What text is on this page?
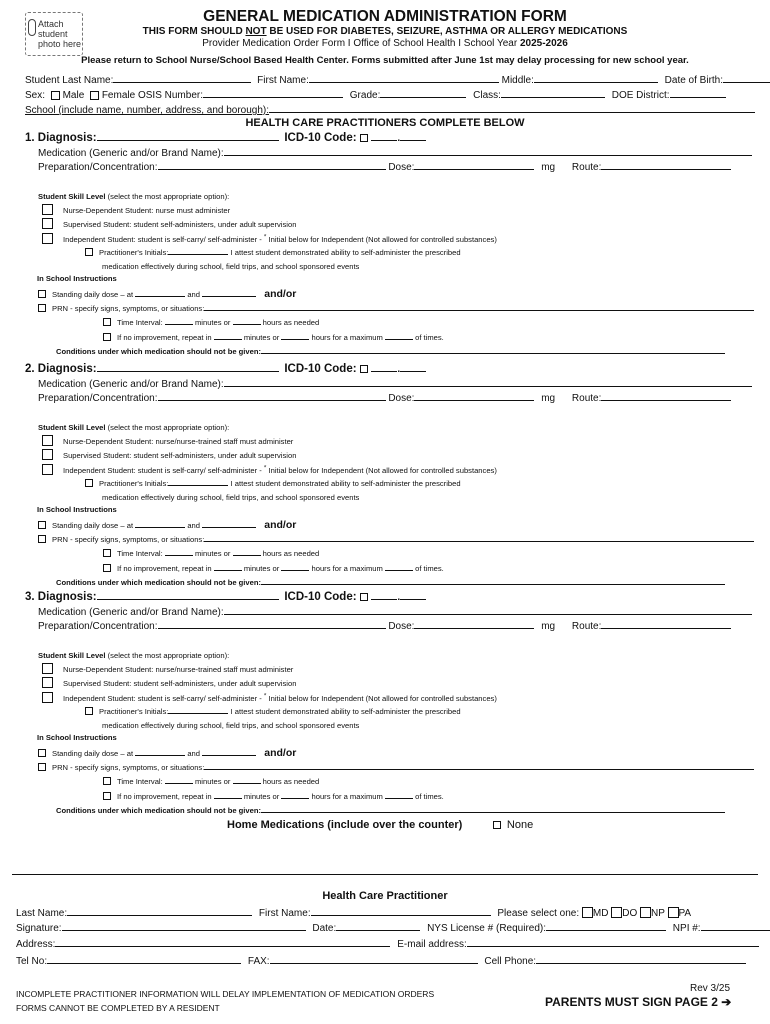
Attach
student
photo here
GENERAL MEDICATION ADMINISTRATION FORM
THIS FORM SHOULD NOT BE USED FOR DIABETES, SEIZURE, ASTHMA OR ALLERGY MEDICATIONS
Provider Medication Order Form I Office of School Health I School Year 2025-2026
Please return to School Nurse/School Based Health Center. Forms submitted after June 1st may delay processing for new school year.
Student Last Name:	First Name:	Middle:	Date of Birth:
Sex: Male Female OSIS Number:	Grade:	Class:	DOE District:
School (include name, number, address, and borough):
HEALTH CARE PRACTITIONERS COMPLETE BELOW
1. Diagnosis:	ICD-10 Code:	.
Medication (Generic and/or Brand Name):
Preparation/Concentration:	Dose:	mg Route:
Student Skill Level (select the most appropriate option):
Nurse-Dependent Student: nurse must administer
Supervised Student: student self-administers, under adult supervision
Independent Student: student is self-carry/ self-administer - * Initial below for Independent (Not allowed for controlled substances)
Practitioner's Initials:	I attest student demonstrated ability to self-administer the prescribed
medication effectively during school, field trips, and school sponsored events
In School Instructions
Standing daily dose – at	and	and/or
PRN - specify signs, symptoms, or situations:
Time Interval:	minutes or	hours as needed
If no improvement, repeat in	minutes or	hours for a maximum	of times.
Conditions under which medication should not be given:
2. Diagnosis:	ICD-10 Code:	.
Medication (Generic and/or Brand Name):
Preparation/Concentration:	Dose:	mg Route:
Student Skill Level (select the most appropriate option):
Nurse-Dependent Student: nurse/nurse-trained staff must administer
Supervised Student: student self-administers, under adult supervision
Independent Student: student is self-carry/ self-administer - * Initial below for Independent (Not allowed for controlled substances)
Practitioner's Initials:	I attest student demonstrated ability to self-administer the prescribed
medication effectively during school, field trips, and school sponsored events
In School Instructions
Standing daily dose – at	and	and/or
PRN - specify signs, symptoms, or situations:
Time Interval:	minutes or	hours as needed
If no improvement, repeat in	minutes or	hours for a maximum	of times.
Conditions under which medication should not be given:
3. Diagnosis:	ICD-10 Code:	.
Medication (Generic and/or Brand Name):
Preparation/Concentration:	Dose:	mg Route:
Student Skill Level (select the most appropriate option):
Nurse-Dependent Student: nurse/nurse-trained staff must administer
Supervised Student: student self-administers, under adult supervision
Independent Student: student is self-carry/ self-administer - * Initial below for Independent (Not allowed for controlled substances)
Practitioner's Initials:	I attest student demonstrated ability to self-administer the prescribed
medication effectively during school, field trips, and school sponsored events
In School Instructions
Standing daily dose – at	and	and/or
PRN - specify signs, symptoms, or situations:
Time Interval:	minutes or	hours as needed
If no improvement, repeat in	minutes or	hours for a maximum	of times.
Conditions under which medication should not be given:
Home Medications (include over the counter)	None
Health Care Practitioner
Last Name:	First Name:	Please select one: MD DO NP PA
Signature:	Date:	NYS License # (Required):	NPI #:
Address:	E-mail address:
Tel No:	FAX:	Cell Phone:
INCOMPLETE PRACTITIONER INFORMATION WILL DELAY IMPLEMENTATION OF MEDICATION ORDERS
FORMS CANNOT BE COMPLETED BY A RESIDENT
Rev 3/25
PARENTS MUST SIGN PAGE 2 ➔
